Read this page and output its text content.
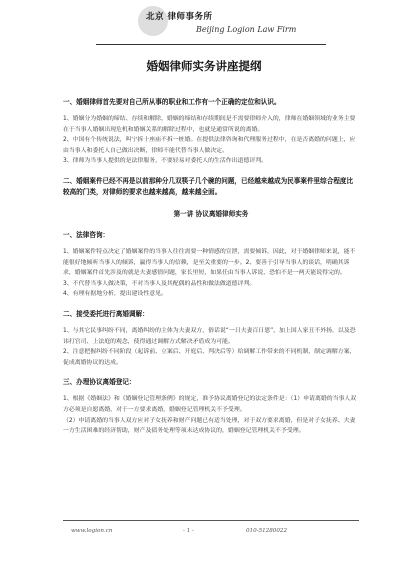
北京 律师事务所
Beijing Logion Law Firm
婚姻律师实务讲座提纲

一、婚姻律师首先要对自己所从事的职业和工作有一个正确的定位和认识。

1、婚姻分为婚姻的缔结、存续和解除，婚姻的缔结和存续期间是不需要律师介入的，律师在婚姻领域的业务主要在于当事人婚姻出现危机和婚姻关系的解除过程中，也就是通常所说的离婚。

2、中国有个传统说法，叫宁拆十座庙不拆一桩婚。在提供法律咨询和代理服务过程中，在是否离婚的问题上，应由当事人和委托人自己做出决断，律师不能代替当事人做决定。

3、律师为当事人提供的是法律服务，不要轻易对委托人的生活作出道德评判。

二、婚姻案件已经不再是以前那种分几双筷子几个碗的问题，已经越来越成为民事案件里综合程度比较高的门类，对律师的要求也越来越高，越来越全面。

第一讲 协议离婚律师实务

一、法律咨询：

1、婚姻案件特点决定了婚姻案件的当事人往往需要一种情感的宣泄，需要倾诉，因此，对于婚姻律师来说，能不能很好地倾听当事人的倾诉，赢得当事人的信赖，是至关重要的一步。2、要善于引导当事人的谈话，明确其诉求，婚姻案件首先涉及的就是夫妻感情问题，家长里短，如果任由当事人诉说，恐怕不是一两天能说得完的。

3、不代替当事人做决策，不对当事人及其配偶的品性和做法做道德评判。

4、有理有据地分析，提出建设性意见。

二、接受委托进行离婚调解：

1、与其它民事纠纷不同，离婚纠纷的主体为夫妻双方，俗话说“一日夫妻百日恩”，加上国人家丑不外扬，以及恐讳打官司、上法庭的观念，使得通过调解方式解决矛盾成为可能。

2、注意把握纠纷不同阶段（起诉前、立案后、开庭后、判决后等）给调解工作带来的不同机制，制定调解方案，促成离婚协议的达成。

三、办理协议离婚登记：

1、根据《婚姻法》和《婚姻登记管理条例》的规定，准予协议离婚登记的法定条件是：（1）申请离婚的当事人双方必须是自愿离婚，对于一方要求离婚，婚姻登记管理机关不予受理。

（2）申请离婚的当事人双方应对子女抚养和财产问题已有适当处理，对于双方要求离婚，但是对子女抚养、夫妻一方生活困难的经济帮助，财产及债务处理等项未达成协议的，婚姻登记管理机关不予受理。

www.logion.cn	- 1 -	010-51280022
